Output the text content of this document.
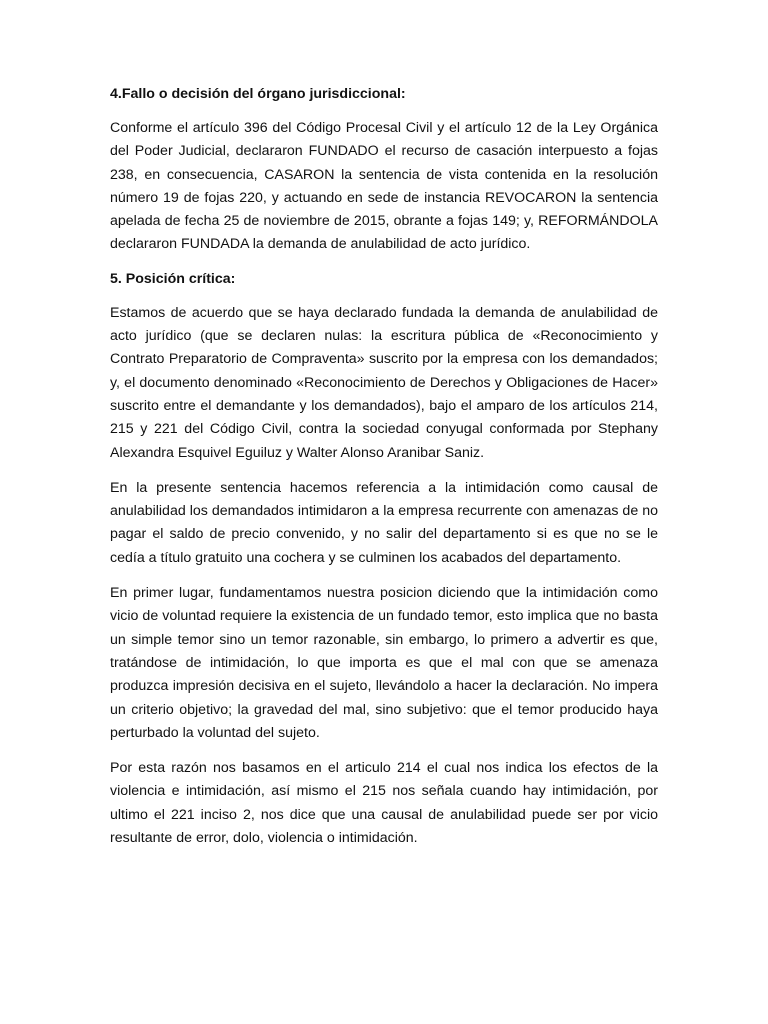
4.Fallo o decisión del órgano jurisdiccional:

Conforme el artículo 396 del Código Procesal Civil y el artículo 12 de la Ley Orgánica del Poder Judicial, declararon FUNDADO el recurso de casación interpuesto a fojas 238, en consecuencia, CASARON la sentencia de vista contenida en la resolución número 19 de fojas 220, y actuando en sede de instancia REVOCARON la sentencia apelada de fecha 25 de noviembre de 2015, obrante a fojas 149; y, REFORMÁNDOLA declararon FUNDADA la demanda de anulabilidad de acto jurídico.

5. Posición crítica:

Estamos de acuerdo que se haya declarado fundada la demanda de anulabilidad de acto jurídico (que se declaren nulas: la escritura pública de «Reconocimiento y Contrato Preparatorio de Compraventa» suscrito por la empresa con los demandados; y, el documento denominado «Reconocimiento de Derechos y Obligaciones de Hacer» suscrito entre el demandante y los demandados), bajo el amparo de los artículos 214, 215 y 221 del Código Civil, contra la sociedad conyugal conformada por Stephany Alexandra Esquivel Eguiluz y Walter Alonso Aranibar Saniz.

En la presente sentencia hacemos referencia a la intimidación como causal de anulabilidad los demandados intimidaron a la empresa recurrente con amenazas de no pagar el saldo de precio convenido, y no salir del departamento si es que no se le cedía a título gratuito una cochera y se culminen los acabados del departamento.

En primer lugar, fundamentamos nuestra posicion diciendo que la intimidación como vicio de voluntad requiere la existencia de un fundado temor, esto implica que no basta un simple temor sino un temor razonable, sin embargo, lo primero a advertir es que, tratándose de intimidación, lo que importa es que el mal con que se amenaza produzca impresión decisiva en el sujeto, llevándolo a hacer la declaración. No impera un criterio objetivo; la gravedad del mal, sino subjetivo: que el temor producido haya perturbado la voluntad del sujeto.

Por esta razón nos basamos en el articulo 214 el cual nos indica los efectos de la violencia e intimidación, así mismo el 215 nos señala cuando hay intimidación, por ultimo el 221 inciso 2, nos dice que una causal de anulabilidad puede ser por vicio resultante de error, dolo, violencia o intimidación.
